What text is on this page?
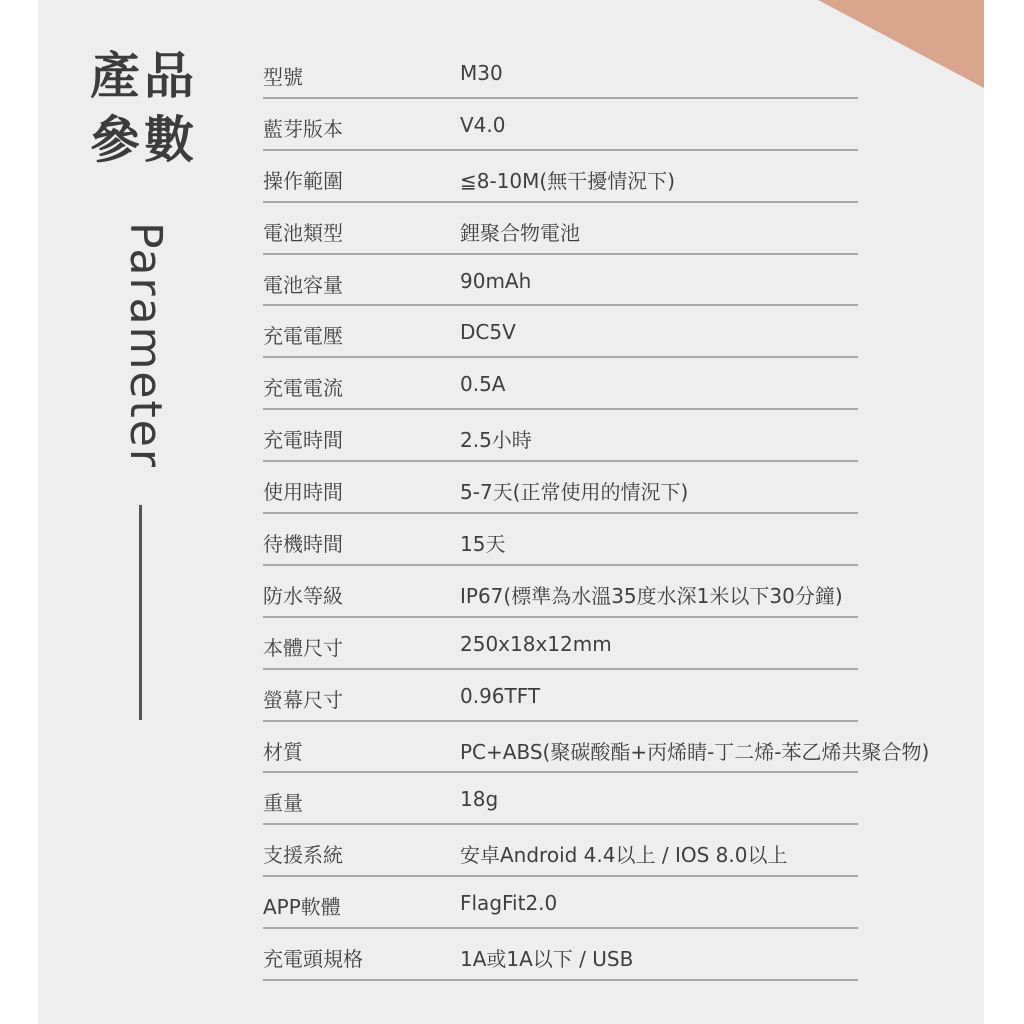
產品
參數
Parameter
型號	M30
藍芽版本	V4.0
操作範圍	≦8-10M(無干擾情況下)
電池類型	鋰聚合物電池
電池容量	90mAh
充電電壓	DC5V
充電電流	0.5A
充電時間	2.5小時
使用時間	5-7天(正常使用的情況下)
待機時間	15天
防水等級	IP67(標準為水溫35度水深1米以下30分鐘)
本體尺寸	250x18x12mm
螢幕尺寸	0.96TFT
材質	PC+ABS(聚碳酸酯+丙烯睛-丁二烯-苯乙烯共聚合物)
重量	18g
支援系統	安卓Android 4.4以上 / IOS 8.0以上
APP軟體	FlagFit2.0
充電頭規格	1A或1A以下 / USB
